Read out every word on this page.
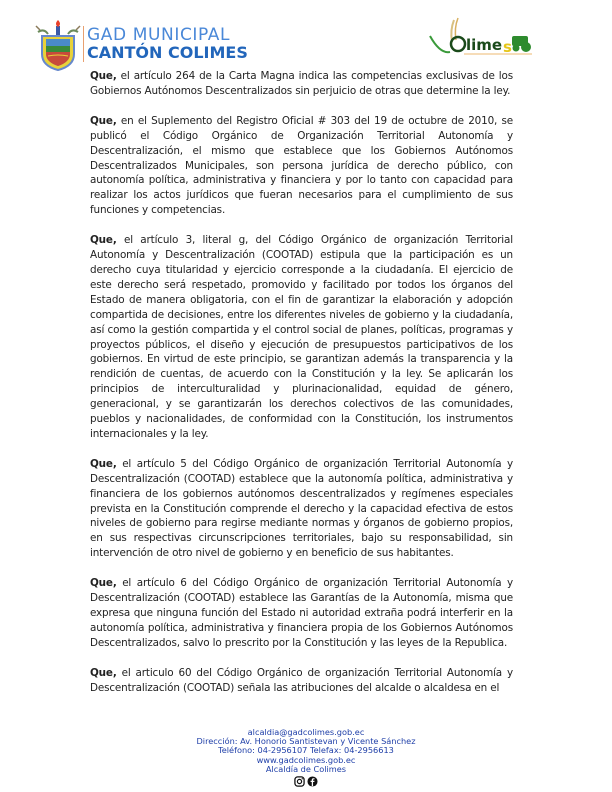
GAD MUNICIPAL
CANTÓN COLIMES	lime s

Que, el artículo 264 de la Carta Magna indica las competencias exclusivas de los Gobiernos Autónomos Descentralizados sin perjuicio de otras que determine la ley.

Que, en el Suplemento del Registro Oficial # 303 del 19 de octubre de 2010, se publicó el Código Orgánico de Organización Territorial Autonomía y Descentralización, el mismo que establece que los Gobiernos Autónomos Descentralizados Municipales, son persona jurídica de derecho público, con autonomía política, administrativa y financiera y por lo tanto con capacidad para realizar los actos jurídicos que fueran necesarios para el cumplimiento de sus funciones y competencias.

Que, el artículo 3, literal g, del Código Orgánico de organización Territorial Autonomía y Descentralización (COOTAD) estipula que la participación es un derecho cuya titularidad y ejercicio corresponde a la ciudadanía. El ejercicio de este derecho será respetado, promovido y facilitado por todos los órganos del Estado de manera obligatoria, con el fin de garantizar la elaboración y adopción compartida de decisiones, entre los diferentes niveles de gobierno y la ciudadanía, así como la gestión compartida y el control social de planes, políticas, programas y proyectos públicos, el diseño y ejecución de presupuestos participativos de los gobiernos. En virtud de este principio, se garantizan además la transparencia y la rendición de cuentas, de acuerdo con la Constitución y la ley. Se aplicarán los principios de interculturalidad y plurinacionalidad, equidad de género, generacional, y se garantizarán los derechos colectivos de las comunidades, pueblos y nacionalidades, de conformidad con la Constitución, los instrumentos internacionales y la ley.

Que, el artículo 5 del Código Orgánico de organización Territorial Autonomía y Descentralización (COOTAD) establece que la autonomía política, administrativa y financiera de los gobiernos autónomos descentralizados y regímenes especiales prevista en la Constitución comprende el derecho y la capacidad efectiva de estos niveles de gobierno para regirse mediante normas y órganos de gobierno propios, en sus respectivas circunscripciones territoriales, bajo su responsabilidad, sin intervención de otro nivel de gobierno y en beneficio de sus habitantes.

Que, el artículo 6 del Código Orgánico de organización Territorial Autonomía y Descentralización (COOTAD) establece las Garantías de la Autonomía, misma que expresa que ninguna función del Estado ni autoridad extraña podrá interferir en la autonomía política, administrativa y financiera propia de los Gobiernos Autónomos Descentralizados, salvo lo prescrito por la Constitución y las leyes de la Republica.

Que, el articulo 60 del Código Orgánico de organización Territorial Autonomía y Descentralización (COOTAD) señala las atribuciones del alcalde o alcaldesa en el

alcaldia@gadcolimes.gob.ec
Dirección: Av. Honorio Santistevan y Vicente Sánchez
Teléfono: 04-2956107 Telefax: 04-2956613
www.gadcolimes.gob.ec
Alcaldía de Colimes
